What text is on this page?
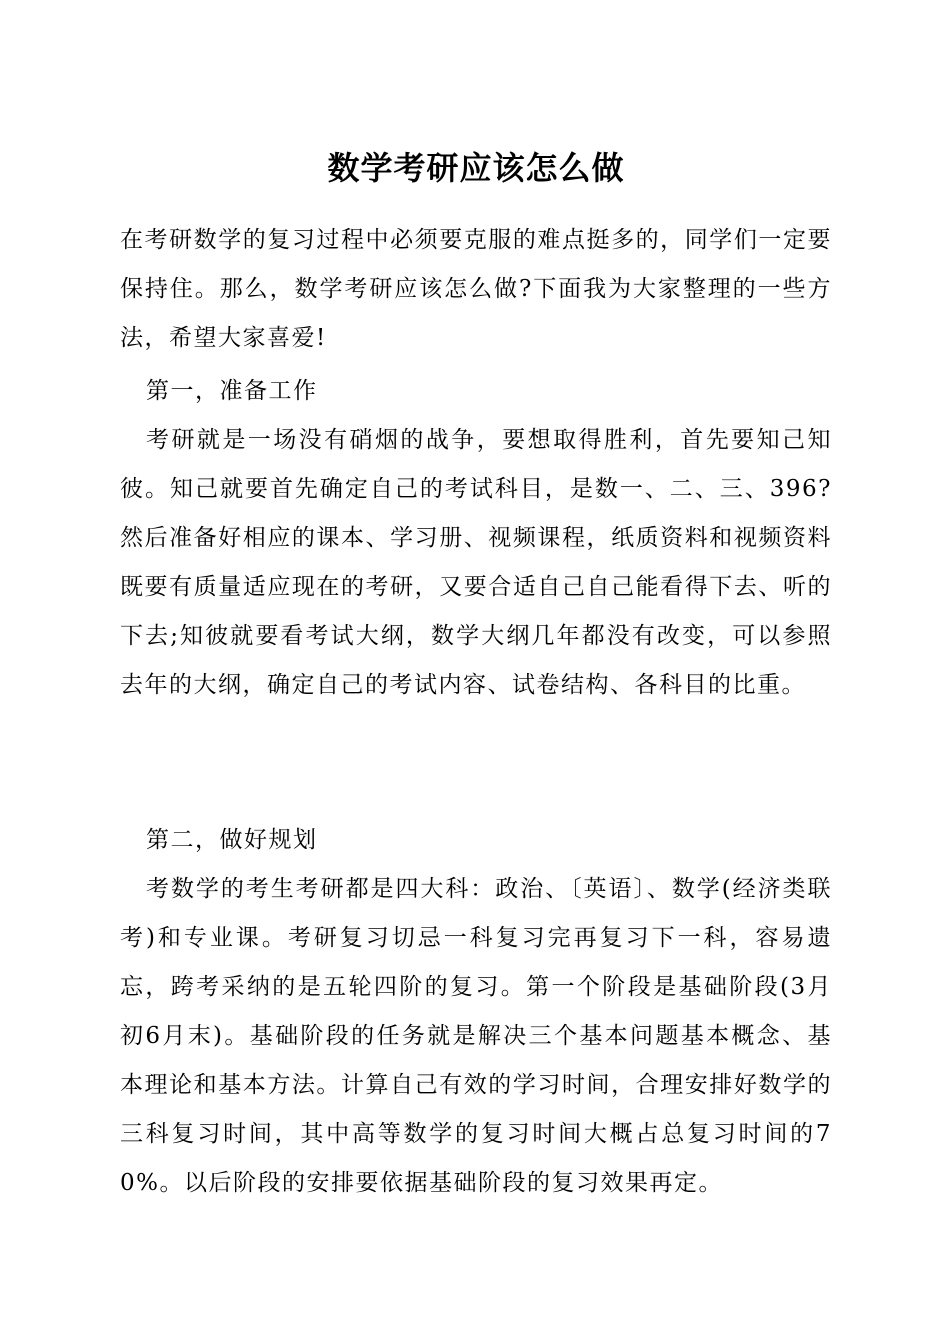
数学考研应该怎么做

在考研数学的复习过程中必须要克服的难点挺多的，同学们一定要保持住。那么，数学考研应该怎么做?下面我为大家整理的一些方法，希望大家喜爱!

第一，准备工作

考研就是一场没有硝烟的战争，要想取得胜利，首先要知己知彼。知己就要首先确定自己的考试科目，是数一、二、三、396?然后准备好相应的课本、学习册、视频课程，纸质资料和视频资料既要有质量适应现在的考研，又要合适自己自己能看得下去、听的下去;知彼就要看考试大纲，数学大纲几年都没有改变，可以参照去年的大纲，确定自己的考试内容、试卷结构、各科目的比重。

第二，做好规划

考数学的考生考研都是四大科：政治、〔英语〕、数学(经济类联考)和专业课。考研复习切忌一科复习完再复习下一科，容易遗忘，跨考采纳的是五轮四阶的复习。第一个阶段是基础阶段(3月初6月末)。基础阶段的任务就是解决三个基本问题基本概念、基本理论和基本方法。计算自己有效的学习时间，合理安排好数学的三科复习时间，其中高等数学的复习时间大概占总复习时间的70%。以后阶段的安排要依据基础阶段的复习效果再定。
